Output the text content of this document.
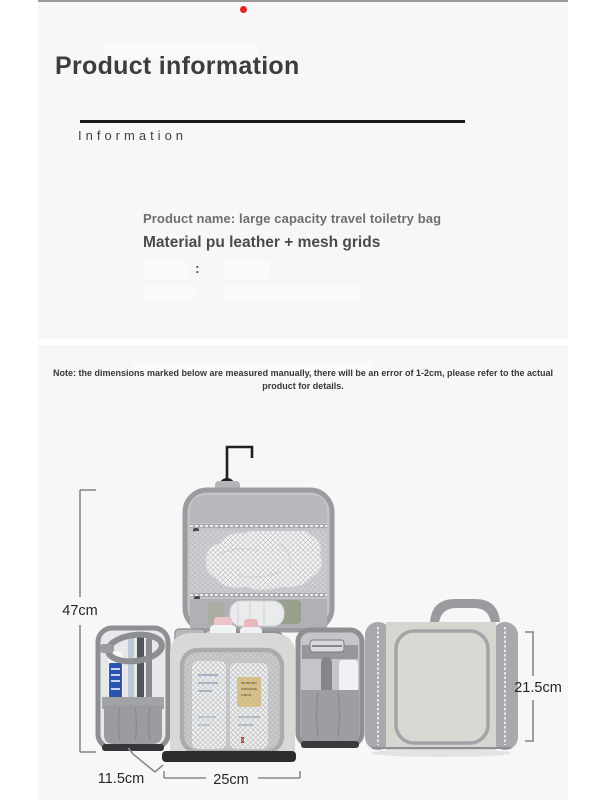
Product information
Information

Product name: large capacity travel toiletry bag

Material pu leather + mesh grids

:

Note: the dimensions marked below are measured manually, there will be an error of 1-2cm, please refer to the actual product for details.

47cm
11.5cm	25cm
21.5cm
